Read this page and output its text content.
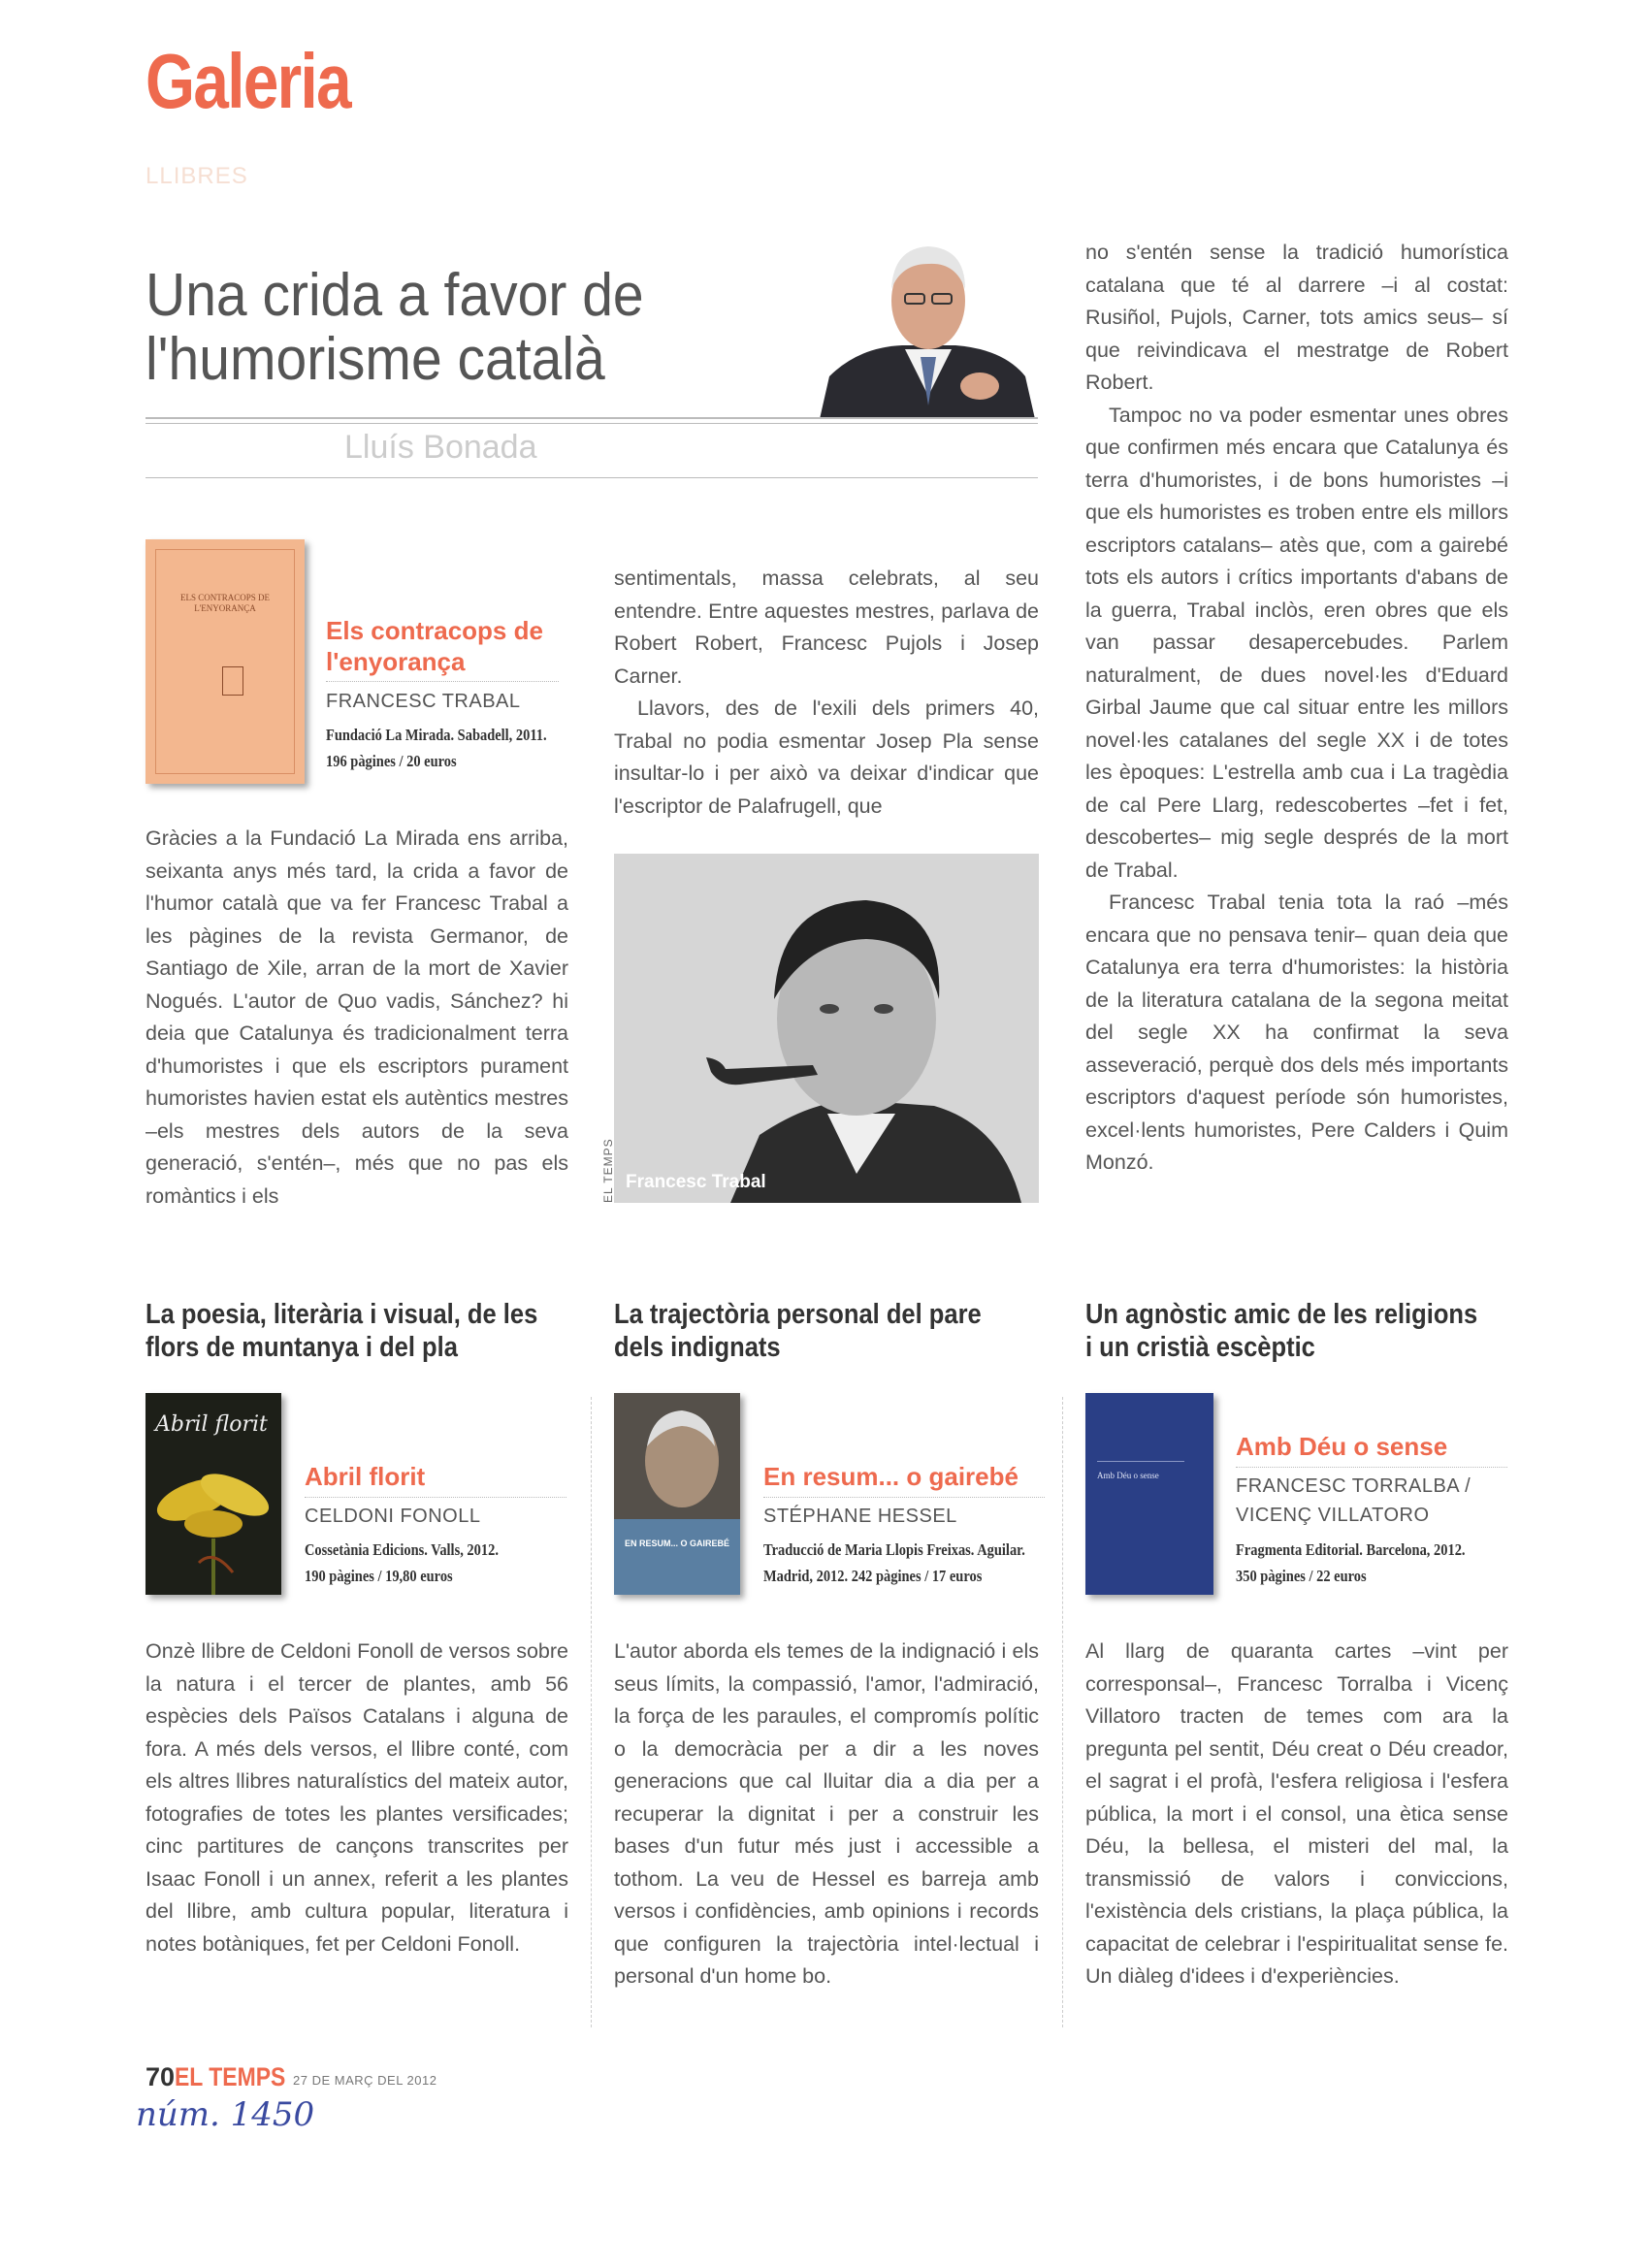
Galeria
LLIBRES
Una crida a favor de l'humorisme català
Lluís Bonada
ELS CONTRACOPS DE L'ENYORANÇA
Els contracops de l'enyorança
FRANCESC TRABAL
Fundació La Mirada. Sabadell, 2011.
196 pàgines / 20 euros

Gràcies a la Fundació La Mirada ens arriba, seixanta anys més tard, la crida a favor de l'humor català que va fer Francesc Trabal a les pàgines de la revista Germanor, de Santiago de Xile, arran de la mort de Xavier Nogués. L'autor de Quo vadis, Sánchez? hi deia que Catalunya és tradicionalment terra d'humoristes i que els escriptors purament humoristes havien estat els autèntics mestres –els mestres dels autors de la seva generació, s'entén–, més que no pas els romàntics i els

sentimentals, massa celebrats, al seu entendre. Entre aquestes mestres, parlava de Robert Robert, Francesc Pujols i Josep Carner.

Llavors, des de l'exili dels primers 40, Trabal no podia esmentar Josep Pla sense insultar-lo i per això va deixar d'indicar que l'escriptor de Palafrugell, que

Francesc Trabal
EL TEMPS

no s'entén sense la tradició humorística catalana que té al darrere –i al costat: Rusiñol, Pujols, Carner, tots amics seus– sí que reivindicava el mestratge de Robert Robert.

Tampoc no va poder esmentar unes obres que confirmen més encara que Catalunya és terra d'humoristes, i de bons humoristes –i que els humoristes es troben entre els millors escriptors catalans– atès que, com a gairebé tots els autors i crítics importants d'abans de la guerra, Trabal inclòs, eren obres que els van passar desapercebudes. Parlem naturalment, de dues novel·les d'Eduard Girbal Jaume que cal situar entre les millors novel·les catalanes del segle XX i de totes les èpoques: L'estrella amb cua i La tragèdia de cal Pere Llarg, redescobertes –fet i fet, descobertes– mig segle després de la mort de Trabal.

Francesc Trabal tenia tota la raó –més encara que no pensava tenir– quan deia que Catalunya era terra d'humoristes: la història de la literatura catalana de la segona meitat del segle XX ha confirmat la seva asseveració, perquè dos dels més importants escriptors d'aquest període són humoristes, excel·lents humoristes, Pere Calders i Quim Monzó.

La poesia, literària i visual, de les flors de muntanya i del pla
Abril florit
Abril florit
CELDONI FONOLL
Cossetània Edicions. Valls, 2012.
190 pàgines / 19,80 euros

Onzè llibre de Celdoni Fonoll de versos sobre la natura i el tercer de plantes, amb 56 espècies dels Països Catalans i alguna de fora. A més dels versos, el llibre conté, com els altres llibres naturalístics del mateix autor, fotografies de totes les plantes versificades; cinc partitures de cançons transcrites per Isaac Fonoll i un annex, referit a les plantes del llibre, amb cultura popular, literatura i notes botàniques, fet per Celdoni Fonoll.

La trajectòria personal del pare dels indignats
EN RESUM... O GAIREBÉ
En resum... o gairebé
STÉPHANE HESSEL
Traducció de Maria Llopis Freixas. Aguilar.
Madrid, 2012. 242 pàgines / 17 euros

L'autor aborda els temes de la indignació i els seus límits, la compassió, l'amor, l'admiració, la força de les paraules, el compromís polític o la democràcia per a dir a les noves generacions que cal lluitar dia a dia per a recuperar la dignitat i per a construir les bases d'un futur més just i accessible a tothom. La veu de Hessel es barreja amb versos i confidències, amb opinions i records que configuren la trajectòria intel·lectual i personal d'un home bo.

Un agnòstic amic de les religions i un cristià escèptic
Amb Déu o sense
Amb Déu o sense
FRANCESC TORRALBA / VICENÇ VILLATORO
Fragmenta Editorial. Barcelona, 2012.
350 pàgines / 22 euros

Al llarg de quaranta cartes –vint per corresponsal–, Francesc Torralba i Vicenç Villatoro tracten de temes com ara la pregunta pel sentit, Déu creat o Déu creador, el sagrat i el profà, l'esfera religiosa i l'esfera pública, la mort i el consol, una ètica sense Déu, la bellesa, el misteri del mal, la transmissió de valors i conviccions, l'existència dels cristians, la plaça pública, la capacitat de celebrar i l'espiritualitat sense fe. Un diàleg d'idees i d'experiències.

70 EL TEMPS 27 DE MARÇ DEL 2012
núm. 1450
